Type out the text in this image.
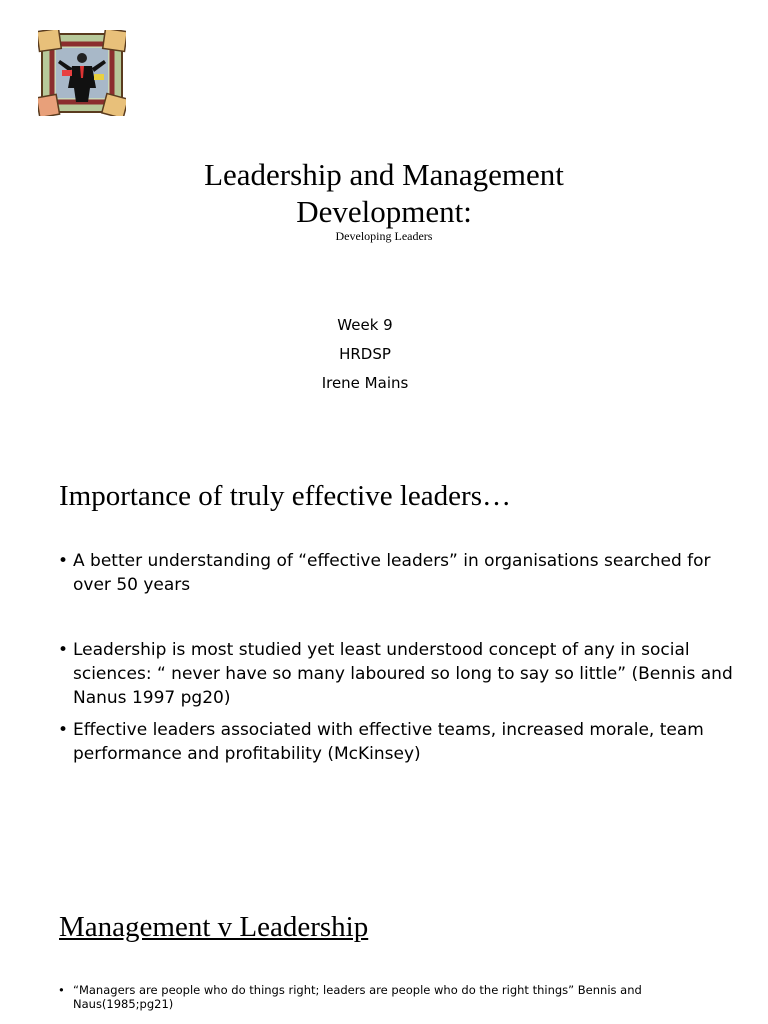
Leadership and Management
Development:
Developing Leaders
Week 9
HRDSP
Irene Mains
Importance of truly effective leaders…
• A better understanding of “effective leaders” in organisations searched for over 50 years
• Leadership is most studied yet least understood concept of any in social sciences: “ never have so many laboured so long to say so little” (Bennis and Nanus 1997 pg20)
• Effective leaders associated with effective teams, increased morale, team performance and profitability (McKinsey)
Management v Leadership
• “Managers are people who do things right; leaders are people who do the right things” Bennis and Naus(1985;pg21)
